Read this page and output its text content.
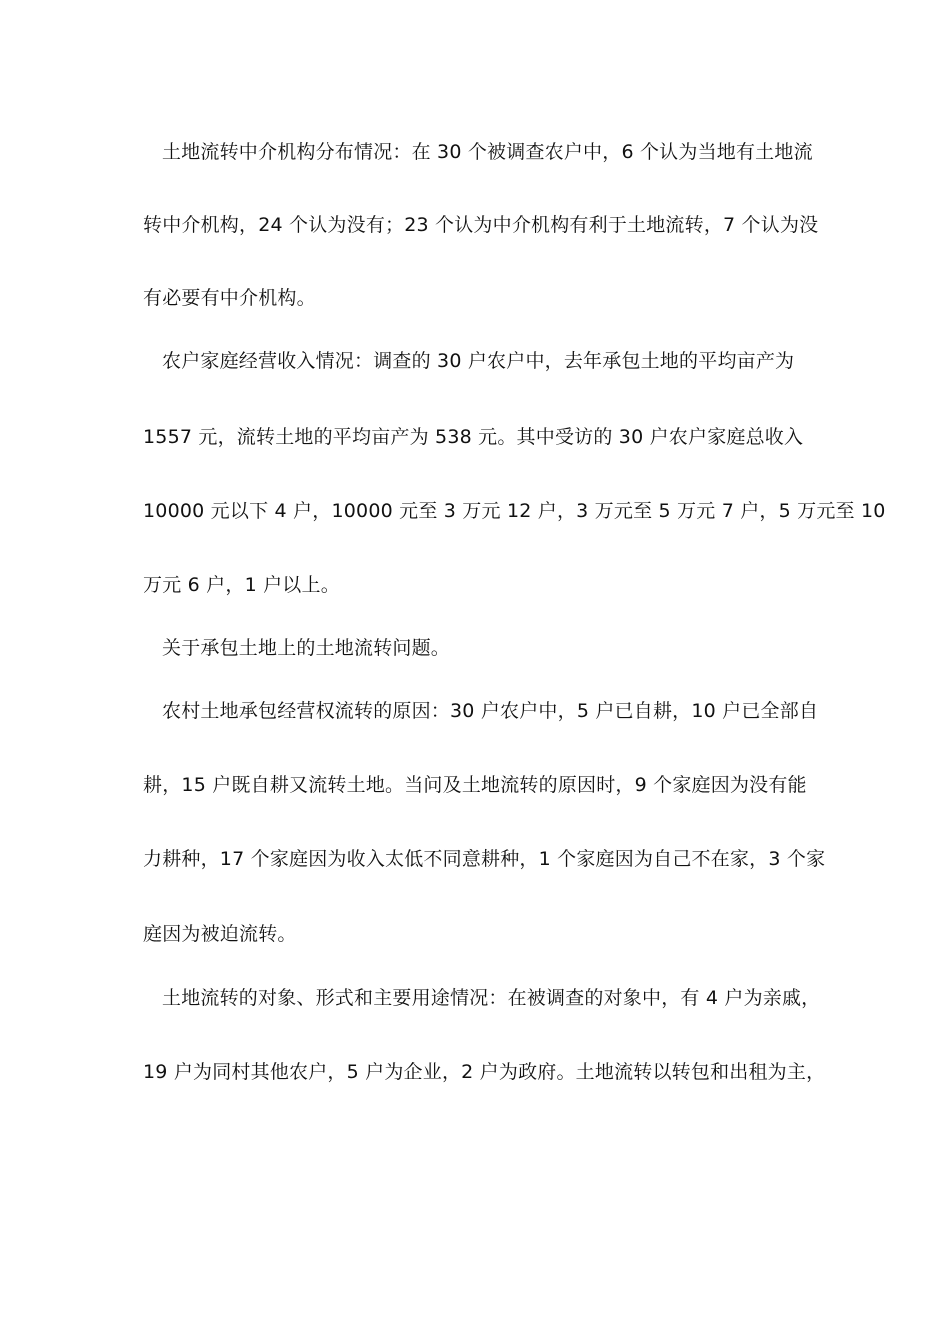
土地流转中介机构分布情况：在 30 个被调查农户中，6 个认为当地有土地流
转中介机构，24 个认为没有；23 个认为中介机构有利于土地流转，7 个认为没
有必要有中介机构。
农户家庭经营收入情况：调查的 30 户农户中，去年承包土地的平均亩产为
1557 元，流转土地的平均亩产为 538 元。其中受访的 30 户农户家庭总收入
10000 元以下 4 户，10000 元至 3 万元 12 户，3 万元至 5 万元 7 户，5 万元至 10
万元 6 户，1 户以上。
关于承包土地上的土地流转问题。
农村土地承包经营权流转的原因：30 户农户中，5 户已自耕，10 户已全部自
耕，15 户既自耕又流转土地。当问及土地流转的原因时，9 个家庭因为没有能
力耕种，17 个家庭因为收入太低不同意耕种，1 个家庭因为自己不在家，3 个家
庭因为被迫流转。
土地流转的对象、形式和主要用途情况：在被调查的对象中，有 4 户为亲戚，
19 户为同村其他农户，5 户为企业，2 户为政府。土地流转以转包和出租为主，
